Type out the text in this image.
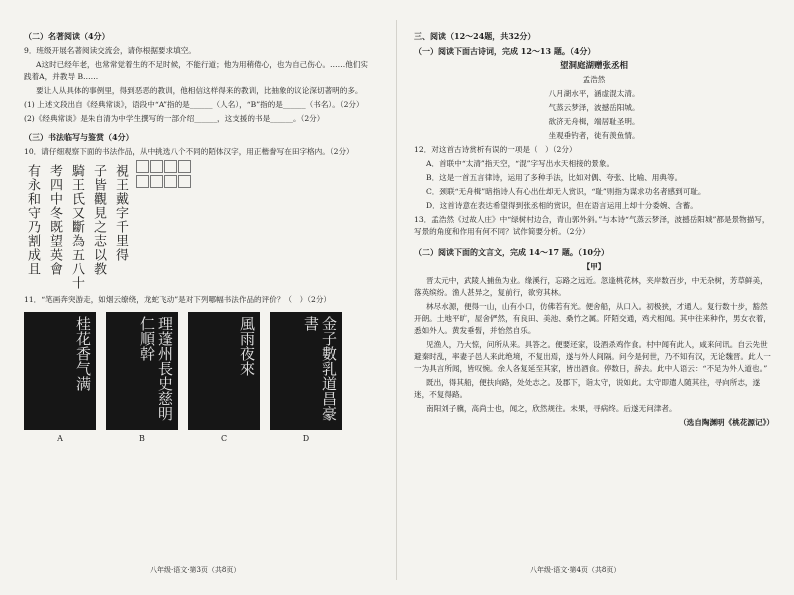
（二）名著阅读（4分）

9．班级开展名著阅读交流会，请你根据要求填空。

A这时已经年老，也常常觉着生的不足时候，不能行道；他为用稍倦心，也为自己伤心。……他们实践着A，并教导 B……

要让人从具体的事例里，得到恶恶的教训，他相信这样得来的教训，比抽象的议论深切著明的多。

(1) 上述文段出自《经典常谈》，语段中“A”指的是______（人名），“B”指的是______（书名）。（2分）

(2)《经典常谈》是朱自清为中学生撰写的一部介绍______，这支援的书是______。（2分）

（三）书法临写与鉴赏（4分）

10．请仔细观察下面的书法作品，从中挑选八个不同的陌体汉字，用正楷誊写在田字格内。（2分）

有永和守乃割成且 考四中冬既望英會 騎王氏又斷為五八十 子皆觀見之志以教 視王戴字千里得

11．“笔画奔突游走，如烟云缭绕，龙蛇飞动”是对下列哪幅书法作品的评价？（　）（2分）

桂花香气满	理蓬州長史慈明仁順幹	風雨夜來	金子數乳道昌豪書
A	B	C	D
八年级·语文·第3页（共8页）
三、阅读（12～24题，共32分）
（一）阅读下面古诗词，完成 12～13 题。（4分）

望洞庭湖赠张丞相

孟浩然

八月湖水平，涵虚混太清。

气蒸云梦泽，波撼岳阳城。

欲济无舟楫，端居耻圣明。

坐观垂钓者，徒有羡鱼情。

12．对这首古诗赏析有误的一项是（　）（2分）

A．首联中“太清”指天空，“混”字写出水天相接的景象。

B．这是一首五言律诗，运用了多种手法，比如对偶、夸张、比喻、用典等。

C．颈联“无舟楫”暗指诗人有心出仕却无人赏识，“耻”则指为谋求功名者感到可耻。

D．这首诗意在表达希望得到张丞相的赏识，但在语言运用上却十分委婉、含蓄。

13．孟浩然《过故人庄》中“绿树村边合，青山郭外斜。”与本诗“气蒸云梦泽，波撼岳阳城”都是景物描写，写景的角度和作用有何不同？试作简要分析。（2分）

（二）阅读下面的文言文，完成 14～17 题。（10分）

【甲】

晋太元中，武陵人捕鱼为业。缘溪行，忘路之远近。忽逢桃花林，夹岸数百步，中无杂树，芳草鲜美，落英缤纷。渔人甚异之，复前行，欲穷其林。

林尽水源，便得一山，山有小口，仿佛若有光。便舍船，从口入。初极狭，才通人。复行数十步，豁然开朗。土地平旷，屋舍俨然，有良田、美池、桑竹之属。阡陌交通，鸡犬相闻。其中往来种作，男女衣着，悉如外人。黄发垂髫，并怡然自乐。

见渔人，乃大惊，问所从来。具答之。便要还家，设酒杀鸡作食。村中闻有此人，咸来问讯。自云先世避秦时乱，率妻子邑人来此绝境，不复出焉，遂与外人间隔。问今是何世，乃不知有汉，无论魏晋。此人一一为具言所闻，皆叹惋。余人各复延至其家，皆出酒食。停数日，辞去。此中人语云：“不足为外人道也。”

既出，得其船，便扶向路，处处志之。及郡下，诣太守，说如此。太守即遣人随其往，寻向所志，遂迷，不复得路。

南阳刘子骥，高尚士也，闻之，欣然规往。未果，寻病终。后遂无问津者。

（选自陶渊明《桃花源记》）

八年级·语文·第4页（共8页）
